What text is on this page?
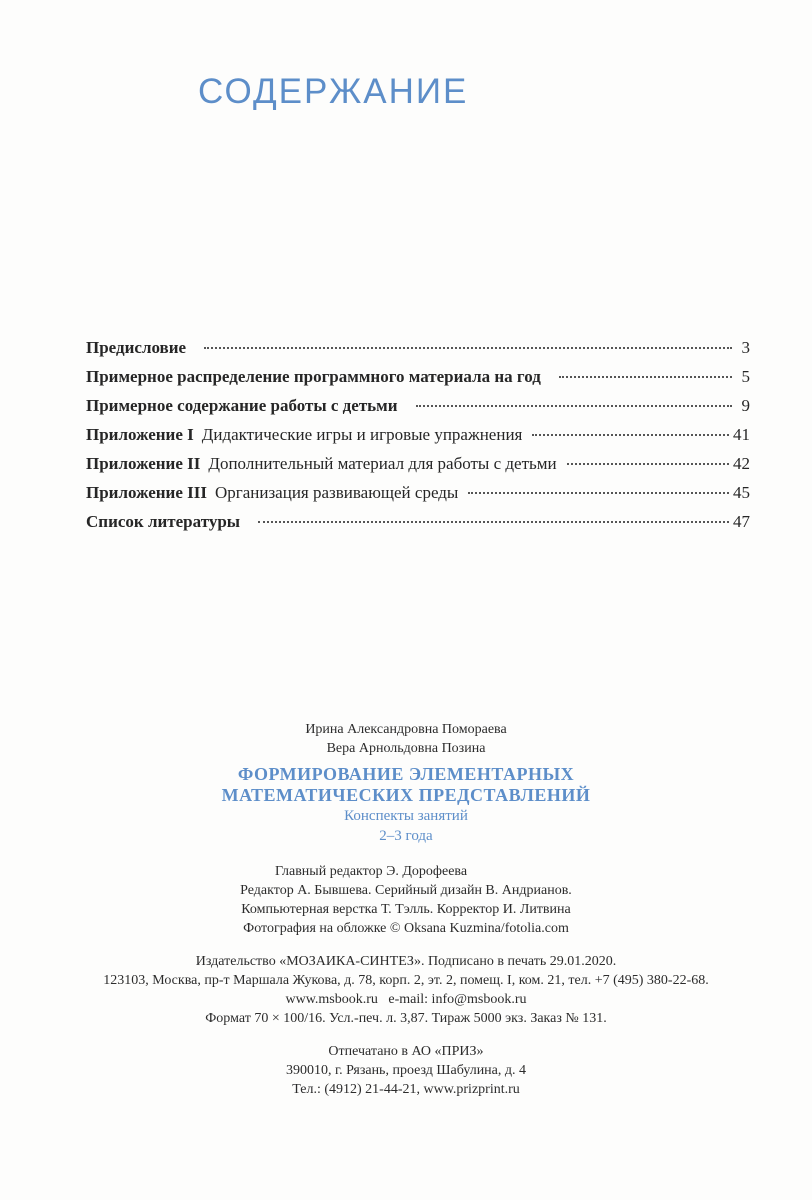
СОДЕРЖАНИЕ
Предисловие	3
Примерное распределение программного материала на год	5
Примерное содержание работы с детьми	9
Приложение I Дидактические игры и игровые упражнения	41
Приложение II Дополнительный материал для работы с детьми	42
Приложение III Организация развивающей среды	45
Список литературы	47
Ирина Александровна Помораева
Вера Арнольдовна Позина
ФОРМИРОВАНИЕ ЭЛЕМЕНТАРНЫХ
МАТЕМАТИЧЕСКИХ ПРЕДСТАВЛЕНИЙ
Конспекты занятий
2–3 года
Главный редактор Э. Дорофеева
Редактор А. Бывшева. Серийный дизайн В. Андрианов.
Компьютерная верстка Т. Тэлль. Корректор И. Литвина
Фотография на обложке © Oksana Kuzmina/fotolia.com
Издательство «МОЗАИКА-СИНТЕЗ». Подписано в печать 29.01.2020.
123103, Москва, пр-т Маршала Жукова, д. 78, корп. 2, эт. 2, помещ. I, ком. 21, тел. +7 (495) 380-22-68.
www.msbook.ru   e-mail: info@msbook.ru
Формат 70 × 100/16. Усл.-печ. л. 3,87. Тираж 5000 экз. Заказ № 131.
Отпечатано в АО «ПРИЗ»
390010, г. Рязань, проезд Шабулина, д. 4
Тел.: (4912) 21-44-21, www.prizprint.ru
